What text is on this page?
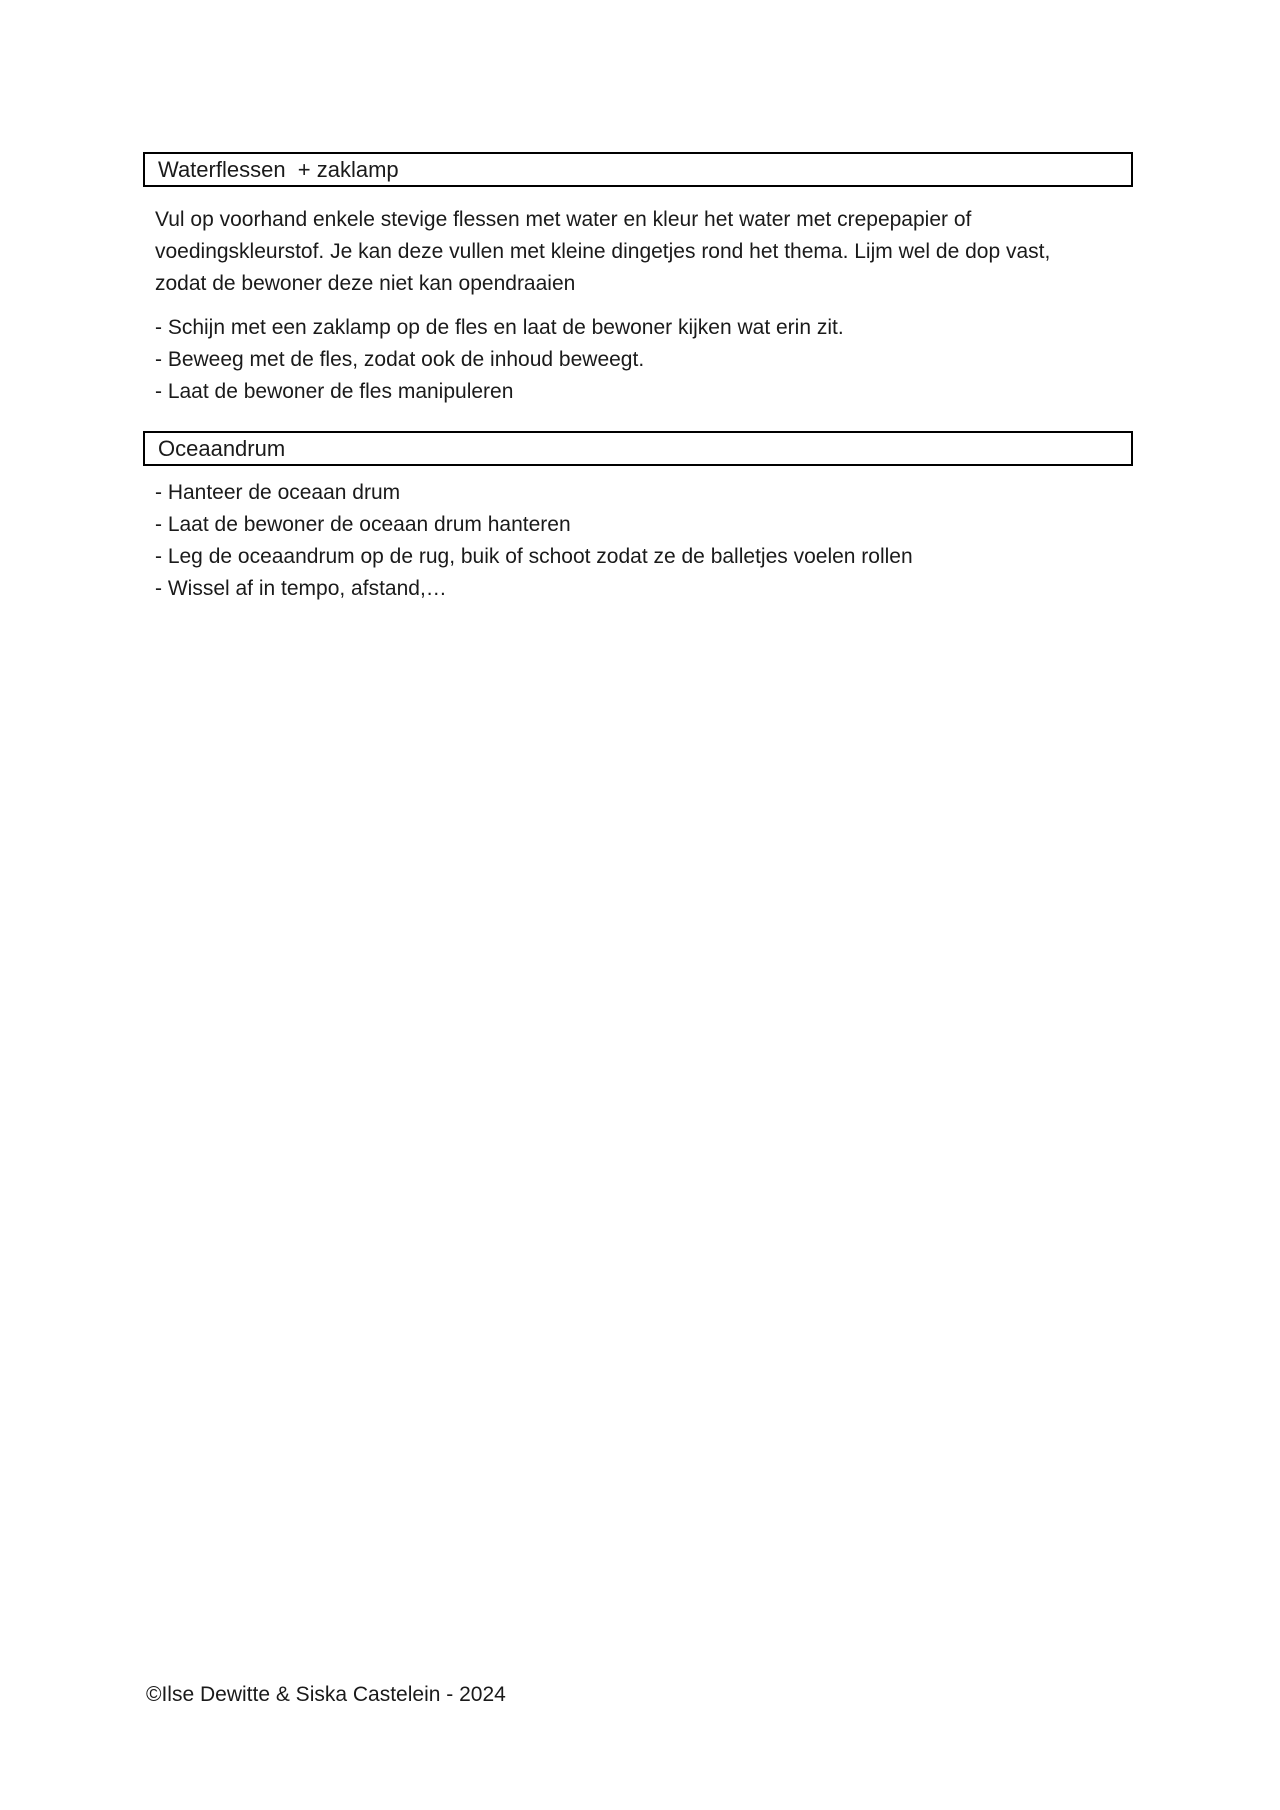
Waterflessen  + zaklamp
Vul op voorhand enkele stevige flessen met water en kleur het water met crepepapier of
voedingskleurstof. Je kan deze vullen met kleine dingetjes rond het thema. Lijm wel de dop vast,
zodat de bewoner deze niet kan opendraaien
- Schijn met een zaklamp op de fles en laat de bewoner kijken wat erin zit.
- Beweeg met de fles, zodat ook de inhoud beweegt.
- Laat de bewoner de fles manipuleren
Oceaandrum
- Hanteer de oceaan drum
- Laat de bewoner de oceaan drum hanteren
- Leg de oceaandrum op de rug, buik of schoot zodat ze de balletjes voelen rollen
- Wissel af in tempo, afstand,…
©Ilse Dewitte & Siska Castelein - 2024
